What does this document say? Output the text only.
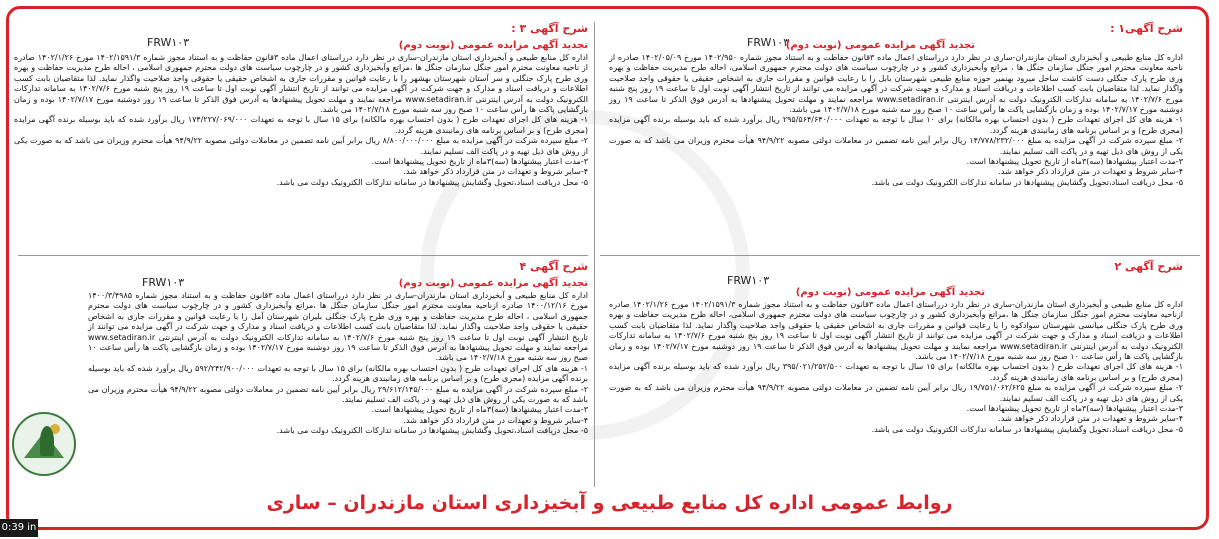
شرح آگهی۱ :
FRW۱۰۳
تجدید آگهی مزایده عمومی (نوبت دوم)

اداره کل منابع طبیعی و آبخیزداری استان مازندران-ساری در نظر دارد درراستای اعمال ماده ۳قانون حفاظت و به استناد مجوز شماره ۱۴۰۲/۹۵۰ مورخ ۱۴۰۲/۰۵/۰۹ صادره از ناحیه معاونت محترم امور جنگل سازمان جنگل ها ، مراتع وآبخیزداری کشور و در چارچوب سیاست های دولت محترم جمهوری اسلامی، احاله طرح مدیریت حفاظت و بهره وری طرح پارک جنگلی دست کاشت ساحل میرود بهنمیر حوزه منابع طبیعی شهرستان بابل را با رعایت قوانین و مقررات جاری به اشخاص حقیقی یا حقوقی واجد صلاحیت واگذار نماید. لذا متقاضیان بابت کسب اطلاعات و دریافت اسناد و مدارک و جهت شرکت در آگهی مزایده می توانند از تاریخ انتشار آگهی نوبت اول تا ساعت ۱۹ روز پنج شنبه مورخ ۱۴۰۲/۷/۶ به سامانه تدارکات الکترونیک دولت به آدرس اینترنتی www.setadiran.ir مراجعه نمایند و مهلت تحویل پیشنهادها به آدرس فوق الذکر تا ساعت ۱۹ روز دوشنبه مورخ ۱۴۰۲/۷/۱۷ بوده و زمان بازگشایی پاکت ها رأس ساعت ۱۰ صبح روز سه شنبه مورخ ۱۴۰۲/۷/۱۸ می باشد.

۱- هزینه های کل اجرای تعهدات طرح ( بدون احتساب بهره مالکانه) برای ۱۰ سال با توجه به تعهدات ۲۹۵/۵۶۴/۶۴۰/۰۰۰ ریال برآورد شده که باید بوسیله برنده آگهی مزایده (مجری طرح) و بر اساس برنامه های زمانبندی هزینه گردد.

۲- مبلغ سپرده شرکت در آگهی مزایده به مبلغ ۱۴/۷۷۸/۲۳۲/۰۰۰ ریال برابر آیین نامه تضمین در معاملات دولتی مصوبه ۹۴/۹/۲۲ هیأت محترم وزیران می باشد که به صورت یکی از روش های ذیل تهیه و در پاکت الف تسلیم نمایند.

۳-مدت اعتبار پیشنهادها (سه)۳ماه از تاریخ تحویل پیشنهادها است.

۴-سایر شروط و تعهدات در متن قرارداد ذکر خواهد شد.

۵- محل دریافت اسناد،تحویل وگشایش پیشنهادها در سامانه تدارکات الکترونیک دولت می باشد.

شرح آگهی ۳ :
FRW۱۰۳	تجدید آگهی مزایده عمومی (نوبت دوم)

اداره کل منابع طبیعی و آبخیزداری استان مازندران-ساری در نظر دارد درراستای اعمال ماده ۳قانون حفاظت و به استناد مجوز شماره ۱۴۰۲/۱۵۹۱/۳ مورخ ۱۴۰۲/۱/۲۶ صادره از ناحیه معاونت محترم امور جنگل سازمان جنگل ها ،مراتع وآبخیزداری کشور و در چارچوب سیاست های دولت محترم جمهوری اسلامی ، احاله طرح مدیریت حفاظت و بهره وری طرح پارک جنگلی و سر آستان شهرستان بهشهر را با رعایت قوانین و مقررات جاری به اشخاص حقیقی یا حقوقی واجد صلاحیت واگذار نماید. لذا متقاضیان بابت کسب اطلاعات و دریافت اسناد و مدارک و جهت شرکت در آگهی مزایده می توانند از تاریخ انتشار آگهی نوبت اول تا ساعت ۱۹ روز پنج شنبه مورخ ۱۴۰۲/۷/۶ به سامانه تدارکات الکترونیک دولت به آدرس اینترنتی www.setadiran.ir مراجعه نمایند و مهلت تحویل پیشنهادها به آدرس فوق الذکر تا ساعت ۱۹ روز دوشنبه مورخ ۱۴۰۲/۷/۱۷ بوده و زمان بازگشایی پاکت ها رأس ساعت ۱۰ صبح روز سه شنبه مورخ ۱۴۰۲/۷/۱۸ می باشد.

۱- هزینه های کل اجرای تعهدات طرح ( بدون احتساب بهره مالکانه) برای ۱۵ سال با توجه به تعهدات ۱۷۴/۲۲۷/۰۶۹/۰۰۰ ریال برآورد شده که باید بوسیله برنده آگهی مزایده (مجری طرح) و بر اساس برنامه های زمانبندی هزینه گردد.

۲- مبلغ سپرده شرکت در آگهی مزایده به مبلغ ۸/۸۰۰/۰۰۰/۰۰۰ ریال برابر آیین نامه تضمین در معاملات دولتی مصوبه ۹۴/۹/۲۲ هیأت محترم وزیران می باشد که به صورت یکی از روش های ذیل تهیه و در پاکت الف تسلیم نمایند.

۳-مدت اعتبار پیشنهادها (سه)۳ماه از تاریخ تحویل پیشنهادها است.

۴-سایر شروط و تعهدات در متن قرارداد ذکر خواهد شد.

۵- محل دریافت اسناد،تحویل وگشایش پیشنهادها در سامانه تدارکات الکترونیک دولت می باشد.

شرح آگهی ۲
FRW۱۰۳
تجدید آگهی مزایده عمومی (نوبت دوم)

اداره کل منابع طبیعی و آبخیزداری استان مازندران-ساری در نظر دارد درراستای اعمال ماده ۳قانون حفاظت و به استناد مجوز شماره ۱۴۰۲/۱۵۹۱/۳ مورخ ۱۴۰۲/۱/۲۶ صادره ازناحیه معاونت محترم امور جنگل سازمان جنگل ها ،مراتع وآبخیزداری کشور و در چارچوب سیاست های دولت محترم جمهوری اسلامی، احاله طرح مدیریت حفاظت و بهره وری طرح پارک جنگلی میانسی شهرستان سوادکوه را با رعایت قوانین و مقررات جاری به اشخاص حقیقی یا حقوقی واجد صلاحیت واگذار نماید. لذا متقاضیان بابت کسب اطلاعات و دریافت اسناد و مدارک و جهت شرکت در آگهی مزایده می توانند از تاریخ انتشار آگهی نوبت اول تا ساعت ۱۹ روز پنج شنبه مورخ ۱۴۰۲/۷/۶ به سامانه تدارکات الکترونیک دولت به آدرس اینترنتی www.setadiran.ir مراجعه نمایند و مهلت تحویل پیشنهادها به آدرس فوق الذکر تا ساعت ۱۹ روز دوشنبه مورخ ۱۴۰۲/۷/۱۷ بوده و زمان بازگشایی پاکت ها رأس ساعت ۱۰ صبح روز سه شنبه مورخ ۱۴۰۲/۷/۱۸ می باشد.

۱- هزینه های کل اجرای تعهدات طرح ( بدون احتساب بهره مالکانه) برای ۱۵ سال با توجه به تعهدات ۳۹۵/۰۲۱/۲۵۲/۵۰۰ ریال برآورد شده که باید بوسیله برنده آگهی مزایده (مجری طرح) و بر اساس برنامه های زمانبندی هزینه گردد.

۲- مبلغ سپرده شرکت در آگهی مزایده به مبلغ ۱۹/۷۵۱/۰۶۲/۶۲۵ ریال برابر آیین نامه تضمین در معاملات دولتی مصوبه ۹۴/۹/۲۲ هیأت محترم وزیران می باشد که به صورت یکی از روش های ذیل تهیه و در پاکت الف تسلیم نمایند.

۳-مدت اعتبار پیشنهادها (سه)۳ماه از تاریخ تحویل پیشنهادها است.

۴-سایر شروط و تعهدات در متن قرارداد ذکر خواهد شد.

۵- محل دریافت اسناد،تحویل وگشایش پیشنهادها در سامانه تدارکات الکترونیک دولت می باشد.

شرح آگهی ۴
FRW۱۰۳	تجدید آگهی مزایده عمومی (نوبت دوم)

اداره کل منابع طبیعی و آبخیزداری استان مازندران-ساری در نظر دارد درراستای اعمال ماده ۳قانون حفاظت و به استناد مجوز شماره ۱۴۰۰/۳/۴۹۸۵ مورخ ۱۴۰۰/۱۲/۱۶ صادره ازناحیه معاونت محترم امور جنگل سازمان جنگل ها ،مراتع وآبخیزداری کشور و در چارچوب سیاست های دولت محترم جمهوری اسلامی ، احاله طرح مدیریت حفاظت و بهره وری طرح پارک جنگلی بلیران شهرستان آمل را با رعایت قوانین و مقررات جاری به اشخاص حقیقی یا حقوقی واجد صلاحیت واگذار نماید. لذا متقاضیان بابت کسب اطلاعات و دریافت اسناد و مدارک و جهت شرکت در آگهی مزایده می توانند از تاریخ انتشار آگهی نوبت اول تا ساعت ۱۹ روز پنج شنبه مورخ ۱۴۰۲/۷/۶ به سامانه تدارکات الکترونیک دولت به آدرس اینترنتی www.setadiran.ir مراجعه نمایند و مهلت تحویل پیشنهادها به آدرس فوق الذکر تا ساعت ۱۹ روز دوشنبه مورخ ۱۴۰۲/۷/۱۷ بوده و زمان بازگشایی پاکت ها رأس ساعت ۱۰ صبح روز سه شنبه مورخ ۱۴۰۲/۷/۱۸ می باشد.

۱- هزینه های کل اجرای تعهدات طرح ( بدون احتساب بهره مالکانه) برای ۱۵ سال با توجه به تعهدات ۵۹۲/۲۴۲/۹۰۰/۰۰۰ ریال برآورد شده که باید بوسیله برنده آگهی مزایده (مجری طرح) و بر اساس برنامه های زمانبندی هزینه گردد.

۲- مبلغ سپرده شرکت در آگهی مزایده به مبلغ ۲۹/۶۱۲/۱۴۵/۰۰۰ ریال برابر آیین نامه تضمین در معاملات دولتی مصوبه ۹۴/۹/۲۲ هیأت محترم وزیران می باشد که به صورت یکی از روش های ذیل تهیه و در پاکت الف تسلیم نمایند.

۳-مدت اعتبار پیشنهادها (سه)۳ماه از تاریخ تحویل پیشنهادها است.

۴-سایر شروط و تعهدات در متن قرارداد ذکر خواهد شد.

۵- محل دریافت اسناد،تحویل وگشایش پیشنهادها در سامانه تدارکات الکترونیک دولت می باشد.

روابط عمومی اداره کل منابع طبیعی و آبخیزداری استان مازندران – ساری
0:39 in
